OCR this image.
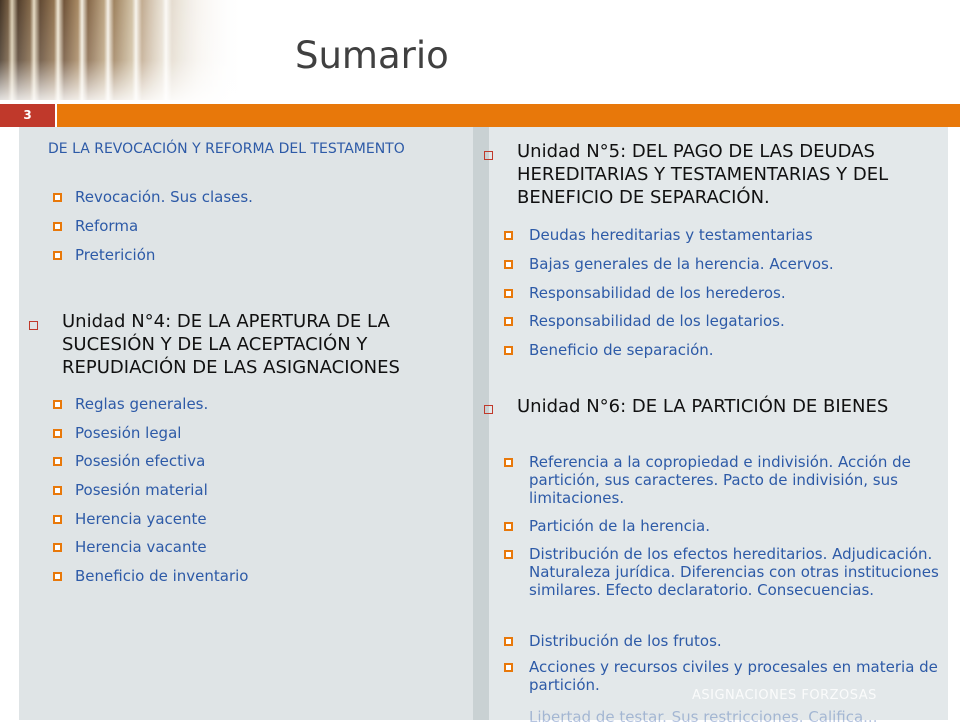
Sumario
3
DE LA REVOCACIÓN Y REFORMA DEL TESTAMENTO
Revocación. Sus clases.
Reforma
Preterición
Unidad N°4: DE LA APERTURA DE LA SUCESIÓN Y DE LA ACEPTACIÓN Y REPUDIACIÓN DE LAS ASIGNACIONES
Reglas generales.
Posesión legal
Posesión efectiva
Posesión material
Herencia yacente
Herencia vacante
Beneficio de inventario
Unidad N°5: DEL PAGO DE LAS DEUDAS HEREDITARIAS Y TESTAMENTARIAS Y DEL BENEFICIO DE SEPARACIÓN.
Deudas hereditarias y testamentarias
Bajas generales de la herencia. Acervos.
Responsabilidad de los herederos.
Responsabilidad de los legatarios.
Beneficio de separación.
Unidad N°6: DE LA PARTICIÓN DE BIENES
Referencia a la copropiedad e indivisión. Acción de partición, sus caracteres. Pacto de indivisión, sus limitaciones.
Partición de la herencia.
Distribución de los efectos hereditarios. Adjudicación. Naturaleza jurídica. Diferencias con otras instituciones similares. Efecto declaratorio. Consecuencias.
Distribución de los frutos.
Acciones y recursos civiles y procesales en materia de partición.
ASIGNACIONES FORZOSAS
Libertad de testar. Sus restricciones. Califica...
